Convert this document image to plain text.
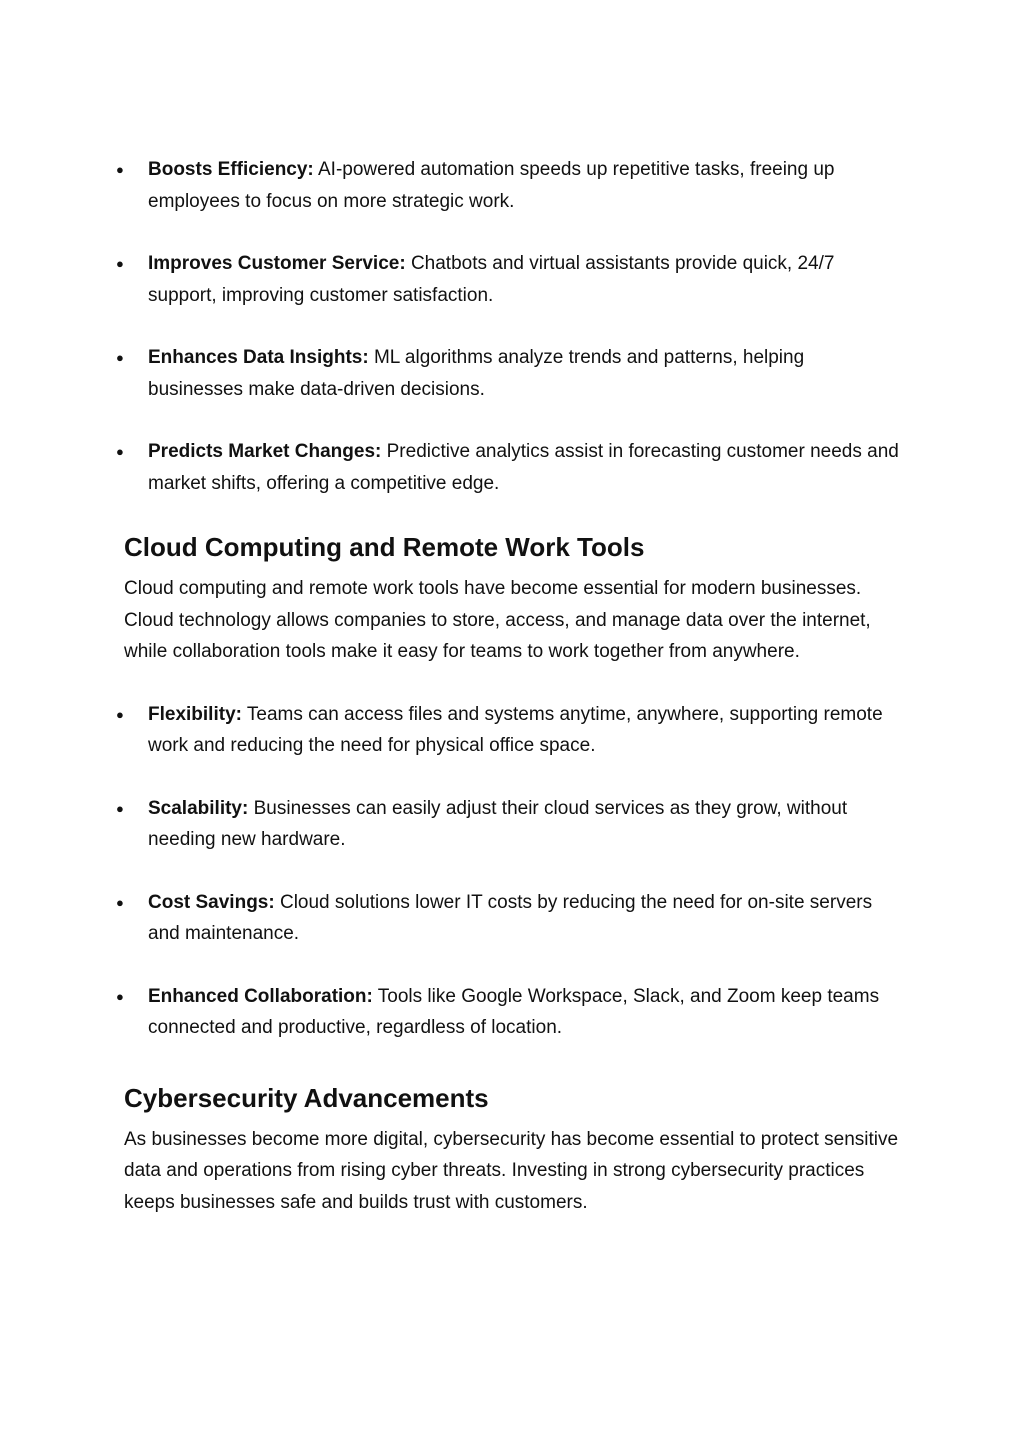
● Boosts Efficiency: AI-powered automation speeds up repetitive tasks, freeing up employees to focus on more strategic work.
● Improves Customer Service: Chatbots and virtual assistants provide quick, 24/7 support, improving customer satisfaction.
● Enhances Data Insights: ML algorithms analyze trends and patterns, helping businesses make data-driven decisions.
● Predicts Market Changes: Predictive analytics assist in forecasting customer needs and market shifts, offering a competitive edge.
Cloud Computing and Remote Work Tools

Cloud computing and remote work tools have become essential for modern businesses. Cloud technology allows companies to store, access, and manage data over the internet, while collaboration tools make it easy for teams to work together from anywhere.

● Flexibility: Teams can access files and systems anytime, anywhere, supporting remote work and reducing the need for physical office space.
● Scalability: Businesses can easily adjust their cloud services as they grow, without needing new hardware.
● Cost Savings: Cloud solutions lower IT costs by reducing the need for on-site servers and maintenance.
● Enhanced Collaboration: Tools like Google Workspace, Slack, and Zoom keep teams connected and productive, regardless of location.
Cybersecurity Advancements

As businesses become more digital, cybersecurity has become essential to protect sensitive data and operations from rising cyber threats. Investing in strong cybersecurity practices keeps businesses safe and builds trust with customers.
